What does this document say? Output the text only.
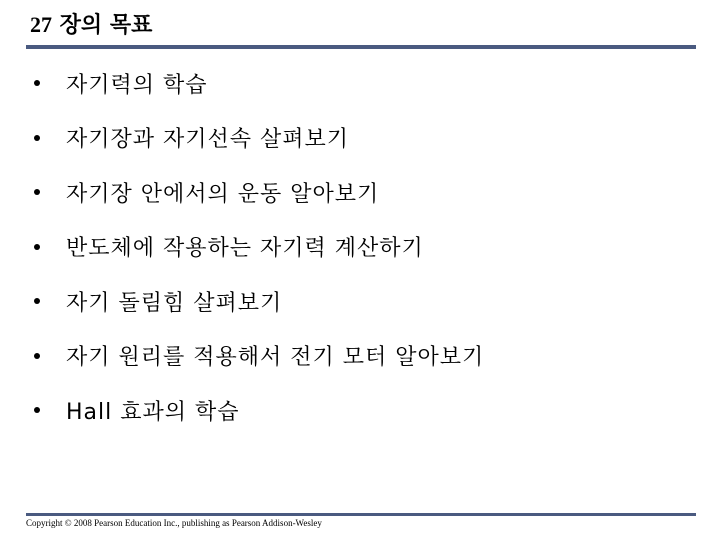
27 장의 목표
자기력의 학습
자기장과 자기선속 살펴보기
자기장 안에서의 운동 알아보기
반도체에 작용하는 자기력 계산하기
자기 돌림힘 살펴보기
자기 원리를 적용해서 전기 모터 알아보기
Hall 효과의 학습
Copyright © 2008 Pearson Education Inc., publishing as Pearson Addison-Wesley
